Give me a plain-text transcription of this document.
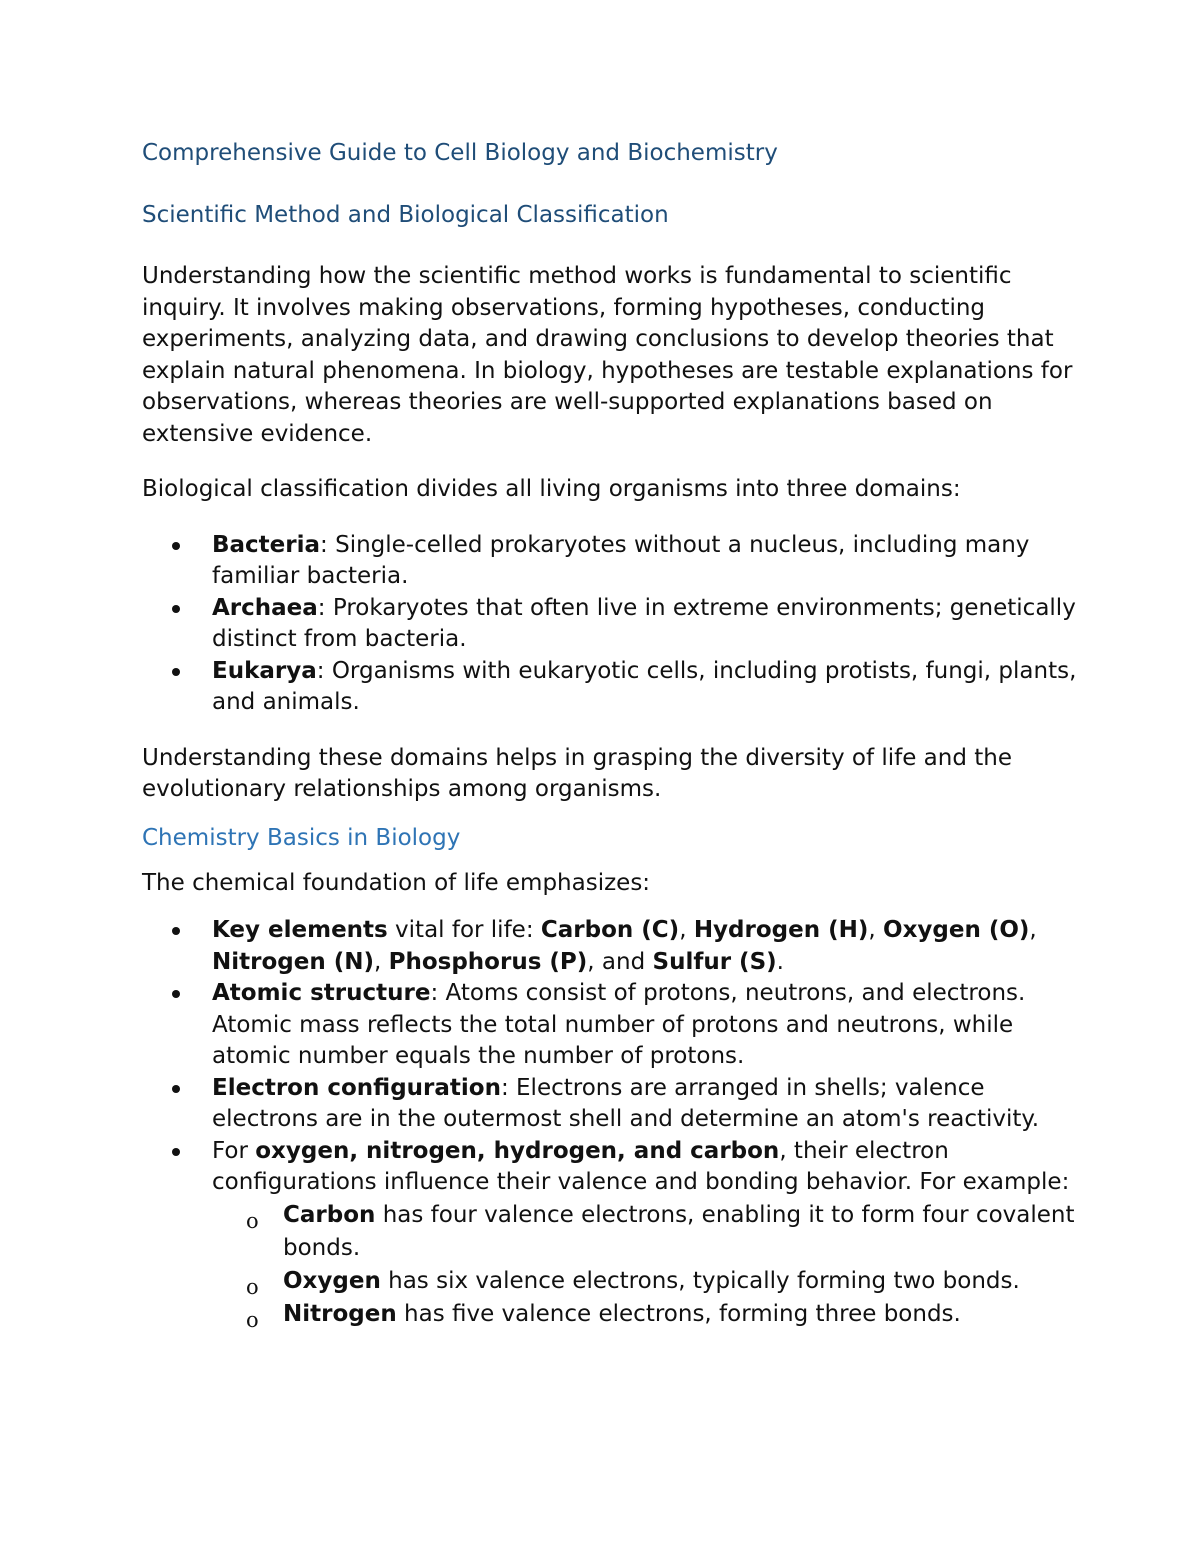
Comprehensive Guide to Cell Biology and Biochemistry
Scientific Method and Biological Classification

Understanding how the scientific method works is fundamental to scientific inquiry. It involves making observations, forming hypotheses, conducting experiments, analyzing data, and drawing conclusions to develop theories that explain natural phenomena. In biology, hypotheses are testable explanations for observations, whereas theories are well-supported explanations based on extensive evidence.

Biological classification divides all living organisms into three domains:

Bacteria: Single-celled prokaryotes without a nucleus, including many familiar bacteria.
Archaea: Prokaryotes that often live in extreme environments; genetically distinct from bacteria.
Eukarya: Organisms with eukaryotic cells, including protists, fungi, plants, and animals.

Understanding these domains helps in grasping the diversity of life and the evolutionary relationships among organisms.

Chemistry Basics in Biology

The chemical foundation of life emphasizes:

Key elements vital for life: Carbon (C), Hydrogen (H), Oxygen (O), Nitrogen (N), Phosphorus (P), and Sulfur (S).
Atomic structure: Atoms consist of protons, neutrons, and electrons. Atomic mass reflects the total number of protons and neutrons, while atomic number equals the number of protons.
Electron configuration: Electrons are arranged in shells; valence electrons are in the outermost shell and determine an atom's reactivity.
For oxygen, nitrogen, hydrogen, and carbon, their electron configurations influence their valence and bonding behavior. For example:
o Carbon has four valence electrons, enabling it to form four covalent bonds.
o Oxygen has six valence electrons, typically forming two bonds.
o Nitrogen has five valence electrons, forming three bonds.
